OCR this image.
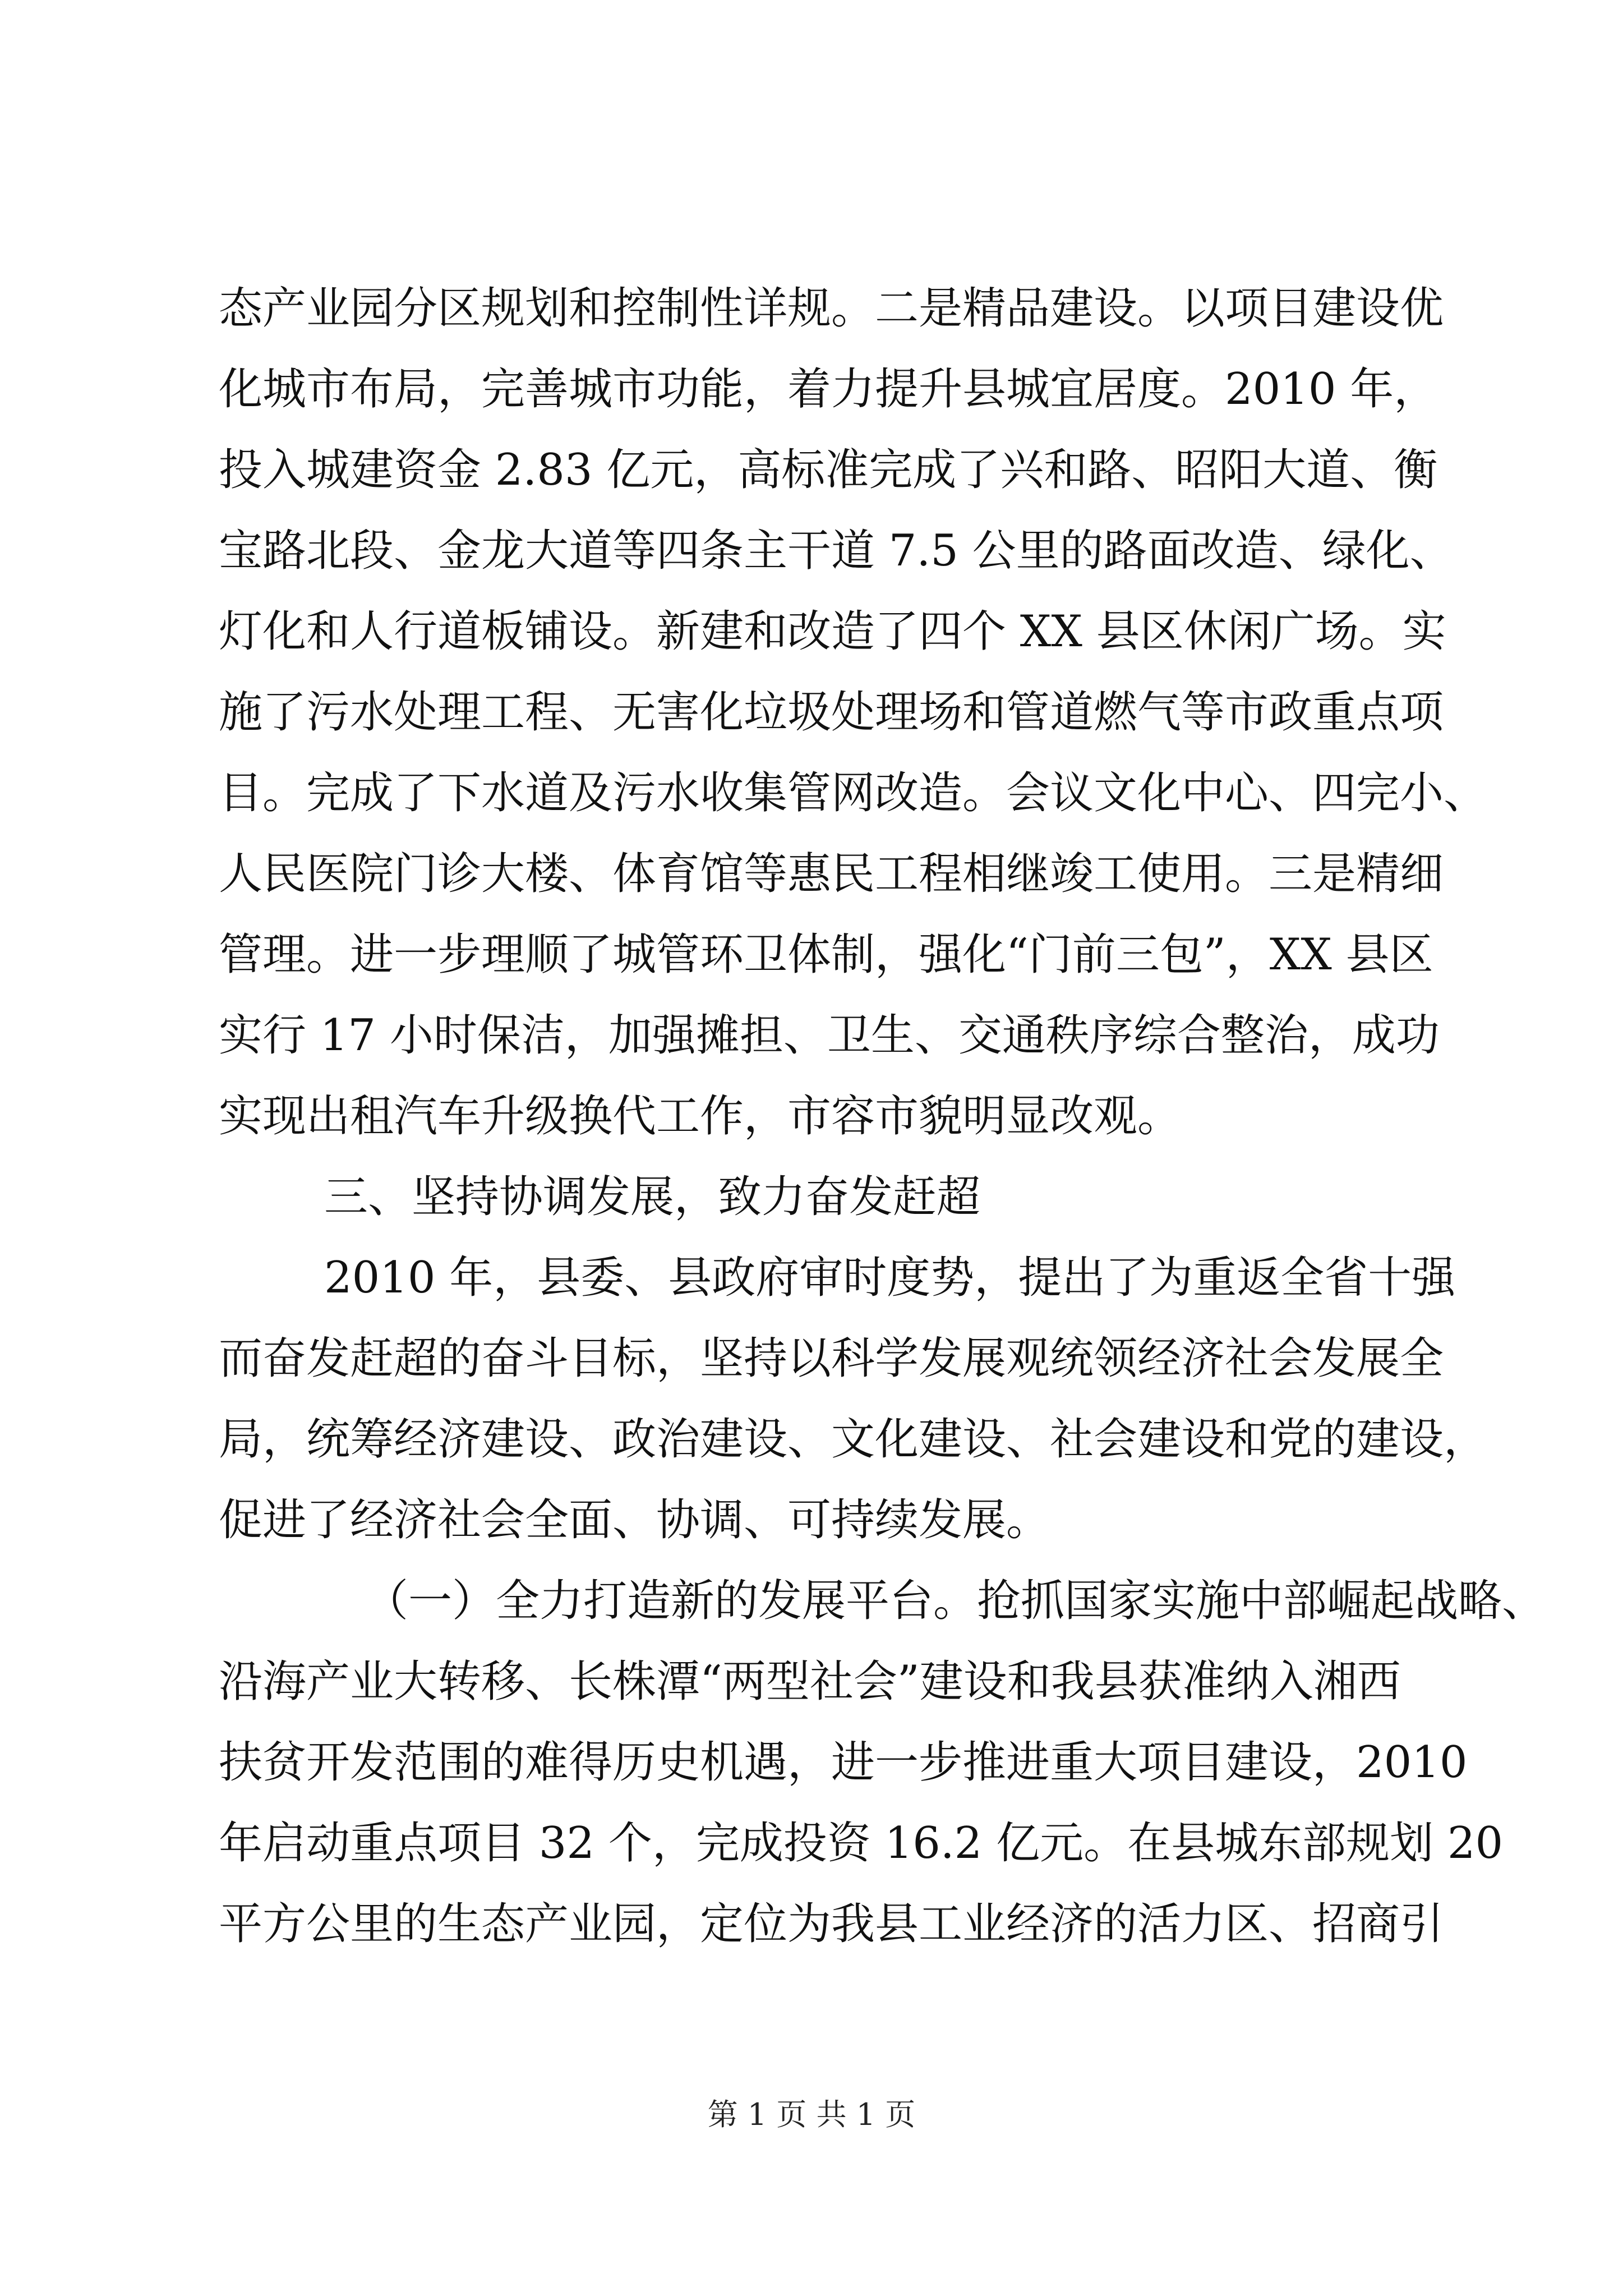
态产业园分区规划和控制性详规。二是精品建设。以项目建设优
化城市布局，完善城市功能，着力提升县城宜居度。2010 年，
投入城建资金 2.83 亿元，高标准完成了兴和路、昭阳大道、衡
宝路北段、金龙大道等四条主干道 7.5 公里的路面改造、绿化、
灯化和人行道板铺设。新建和改造了四个 XX 县区休闲广场。实
施了污水处理工程、无害化垃圾处理场和管道燃气等市政重点项
目。完成了下水道及污水收集管网改造。会议文化中心、四完小、
人民医院门诊大楼、体育馆等惠民工程相继竣工使用。三是精细
管理。进一步理顺了城管环卫体制，强化“门前三包”，XX 县区
实行 17 小时保洁，加强摊担、卫生、交通秩序综合整治，成功
实现出租汽车升级换代工作，市容市貌明显改观。
三、坚持协调发展，致力奋发赶超
2010 年，县委、县政府审时度势，提出了为重返全省十强
而奋发赶超的奋斗目标，坚持以科学发展观统领经济社会发展全
局，统筹经济建设、政治建设、文化建设、社会建设和党的建设，
促进了经济社会全面、协调、可持续发展。
（一）全力打造新的发展平台。抢抓国家实施中部崛起战略、
沿海产业大转移、长株潭“两型社会”建设和我县获准纳入湘西
扶贫开发范围的难得历史机遇，进一步推进重大项目建设，2010
年启动重点项目 32 个，完成投资 16.2 亿元。在县城东部规划 20
平方公里的生态产业园，定位为我县工业经济的活力区、招商引
第 1 页 共 1 页
